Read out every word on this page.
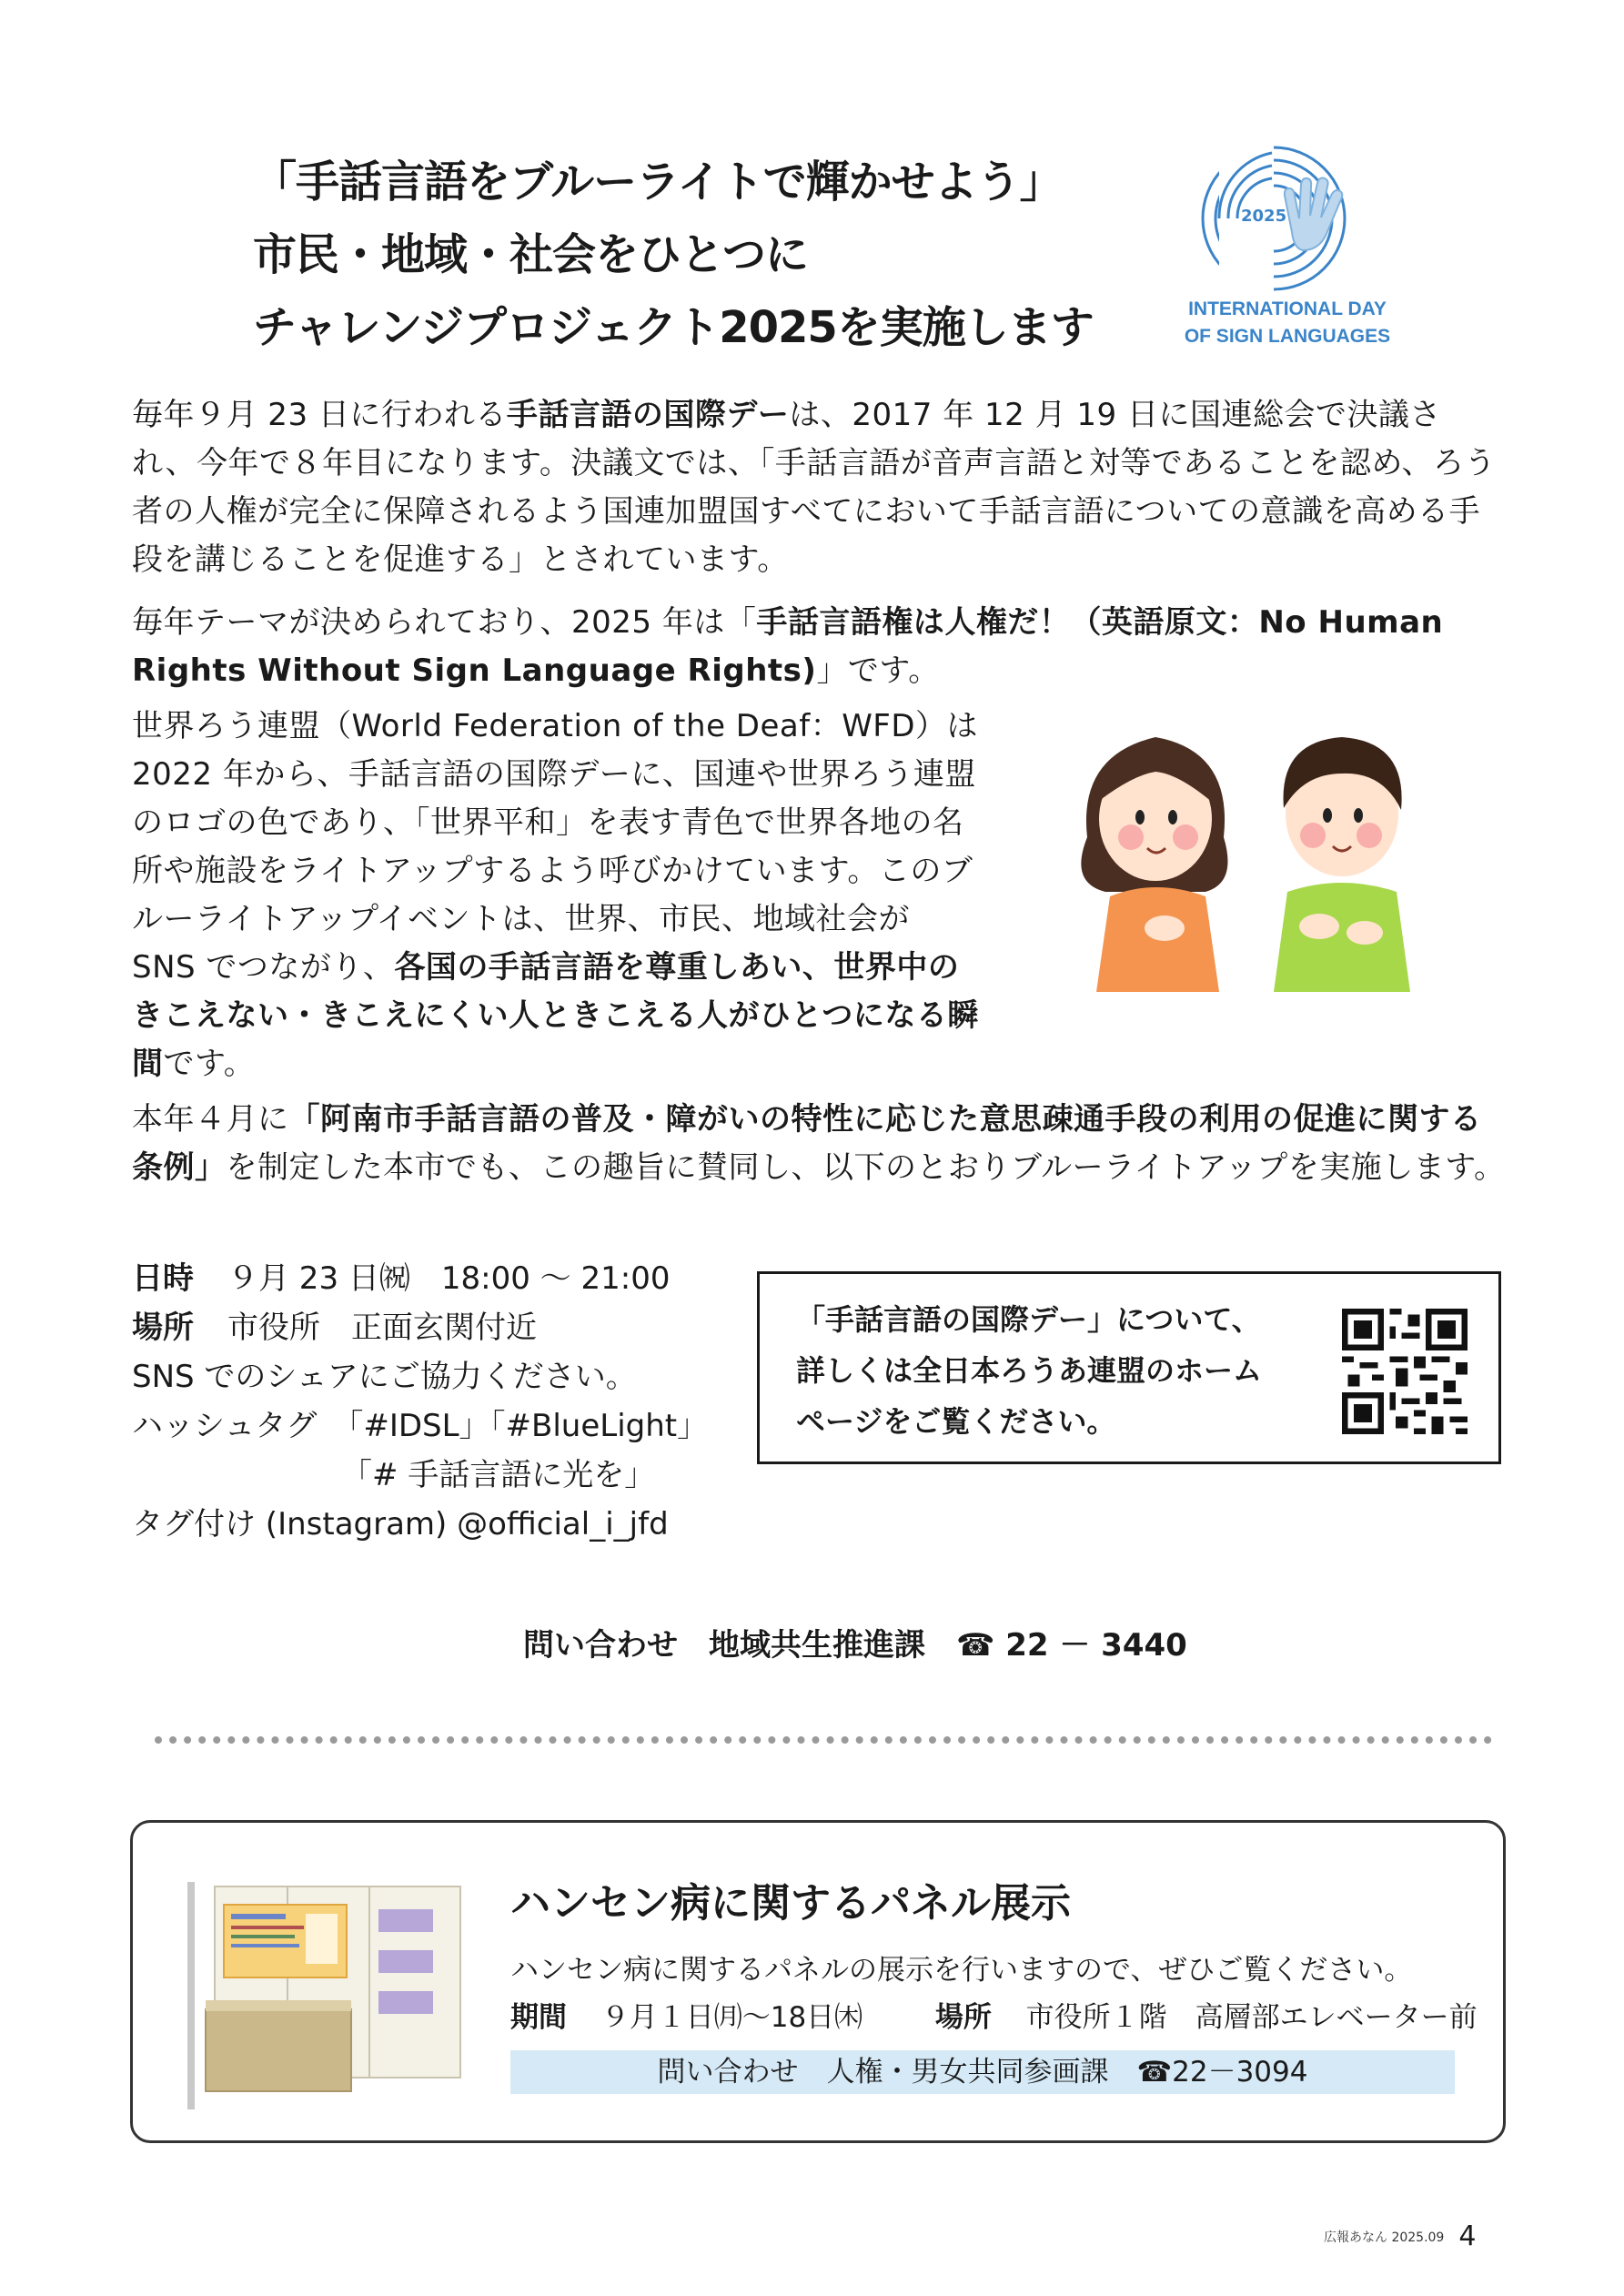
「手話言語をブルーライトで輝かせよう」
市民・地域・社会をひとつに
チャレンジプロジェクト2025を実施します
2025
INTERNATIONAL DAY
OF SIGN LANGUAGES
毎年９月 23 日に行われる手話言語の国際デーは、2017 年 12 月 19 日に国連総会で決議され、今年で８年目になります。決議文では、「手話言語が音声言語と対等であることを認め、ろう者の人権が完全に保障されるよう国連加盟国すべてにおいて手話言語についての意識を高める手段を講じることを促進する」とされています。
毎年テーマが決められており、2025 年は「手話言語権は人権だ！（英語原文：No Human Rights Without Sign Language Rights)」です。
世界ろう連盟（World Federation of the Deaf：WFD）は 2022 年から、手話言語の国際デーに、国連や世界ろう連盟のロゴの色であり、「世界平和」を表す青色で世界各地の名所や施設をライトアップするよう呼びかけています。このブルーライトアップイベントは、世界、市民、地域社会が SNS でつながり、各国の手話言語を尊重しあい、世界中のきこえない・きこえにくい人ときこえる人がひとつになる瞬間です。
本年４月に「阿南市手話言語の普及・障がいの特性に応じた意思疎通手段の利用の促進に関する条例」を制定した本市でも、この趣旨に賛同し、以下のとおりブルーライトアップを実施します。
日時 ９月 23 日㈷　18:00 ～ 21:00
場所 市役所　正面玄関付近
SNS でのシェアにご協力ください。
ハッシュタグ　「#IDSL」「#BlueLight」
「# 手話言語に光を」
タグ付け (Instagram) @official_i_jfd
「手話言語の国際デー」について、
詳しくは全日本ろうあ連盟のホーム
ページをご覧ください。
問い合わせ 地域共生推進課 ☎ 22 － 3440
ハンセン病に関するパネル展示
ハンセン病に関するパネルの展示を行いますので、ぜひご覧ください。
期間 ９月１日㈪～18日㈭	場所 市役所１階　高層部エレベーター前
問い合わせ　人権・男女共同参画課　☎22－3094
広報あなん 2025.09 4
